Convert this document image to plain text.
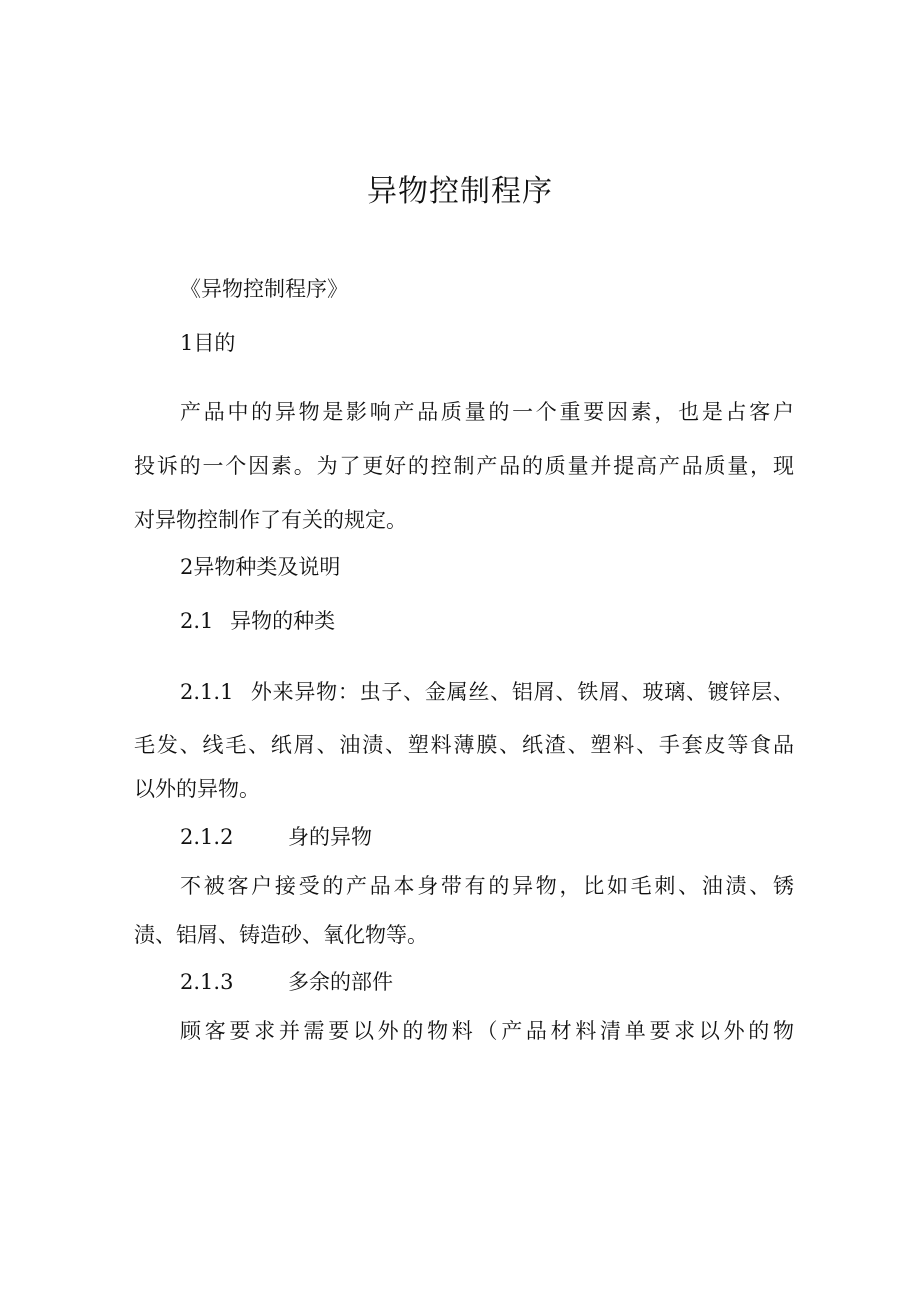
异物控制程序

《异物控制程序》

1目的

产品中的异物是影响产品质量的一个重要因素，也是占客户

投诉的一个因素。为了更好的控制产品的质量并提高产品质量，现

对异物控制作了有关的规定。

2异物种类及说明

2.1 异物的种类

2.1.1 外来异物：虫子、金属丝、铝屑、铁屑、玻璃、镀锌层、

毛发、线毛、纸屑、油渍、塑料薄膜、纸渣、塑料、手套皮等食品

以外的异物。

2.1.2	身的异物

不被客户接受的产品本身带有的异物，比如毛刺、油渍、锈

渍、铝屑、铸造砂、氧化物等。

2.1.3	多余的部件

顾客要求并需要以外的物料（产品材料清单要求以外的物
